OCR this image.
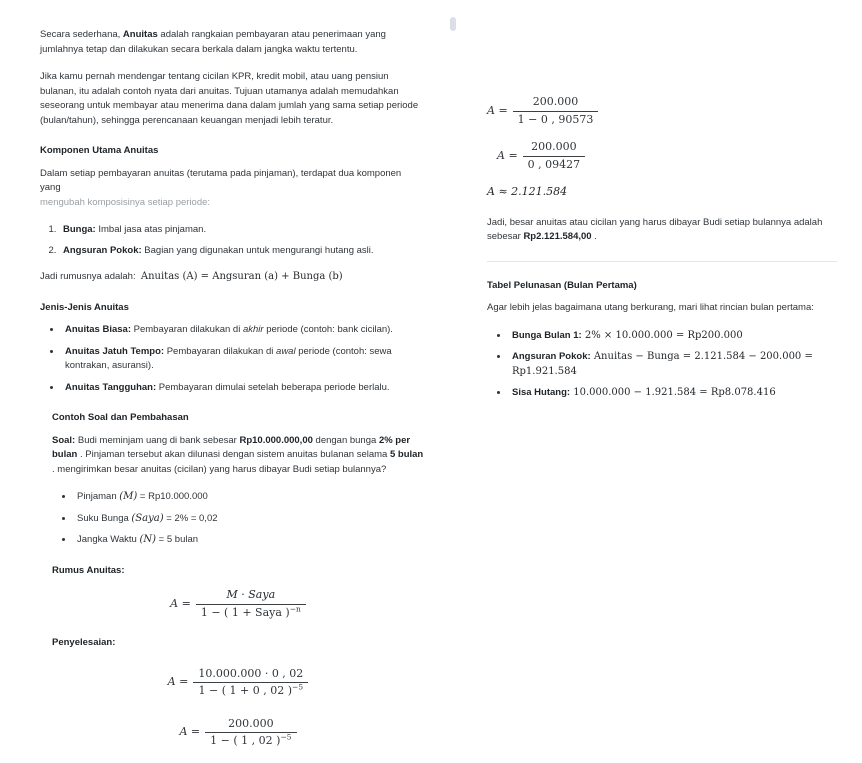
Secara sederhana, Anuitas adalah rangkaian pembayaran atau penerimaan yang jumlahnya tetap dan dilakukan secara berkala dalam jangka waktu tertentu.

Jika kamu pernah mendengar tentang cicilan KPR, kredit mobil, atau uang pensiun bulanan, itu adalah contoh nyata dari anuitas. Tujuan utamanya adalah memudahkan seseorang untuk membayar atau menerima dana dalam jumlah yang sama setiap periode (bulan/tahun), sehingga perencanaan keuangan menjadi lebih teratur.

Komponen Utama Anuitas

Dalam setiap pembayaran anuitas (terutama pada pinjaman), terdapat dua komponen yang
mengubah komposisinya setiap periode:

1. Bunga: Imbal jasa atas pinjaman.
2. Angsuran Pokok: Bagian yang digunakan untuk mengurangi hutang asli.

Jadi rumusnya adalah: Anuitas (A) = Angsuran (a) + Bunga (b)

Jenis-Jenis Anuitas
• Anuitas Biasa: Pembayaran dilakukan di akhir periode (contoh: bank cicilan).
• Anuitas Jatuh Tempo: Pembayaran dilakukan di awal periode (contoh: sewa kontrakan, asuransi).
• Anuitas Tangguhan: Pembayaran dimulai setelah beberapa periode berlalu.
Contoh Soal dan Pembahasan

Soal: Budi meminjam uang di bank sebesar Rp10.000.000,00 dengan bunga 2% per bulan . Pinjaman tersebut akan dilunasi dengan sistem anuitas bulanan selama 5 bulan . mengirimkan besar anuitas (cicilan) yang harus dibayar Budi setiap bulannya?

• Pinjaman (M) = Rp10.000.000
• Suku Bunga (Saya) = 2% = 0,02
• Jangka Waktu (N) = 5 bulan
Rumus Anuitas:
$A = \frac{\text{M · Saya}}{1 - ( 1 + Saya )^{-n}}$
Penyelesaian:
$A = \frac{10.000.000 \cdot 0 , 02}{1 - ( 1 + 0 , 02 )^{-5}}$
$A = \frac{200.000}{1 - ( 1 , 02 )^{-5}}$
$A = \frac{200.000}{1 - 0 , 90573}$
$A = \frac{200.000}{0 , 09427}$
A ≈ 2.121.584

Jadi, besar anuitas atau cicilan yang harus dibayar Budi setiap bulannya adalah sebesar Rp2.121.584,00 .

Tabel Pelunasan (Bulan Pertama)

Agar lebih jelas bagaimana utang berkurang, mari lihat rincian bulan pertama:

• Bunga Bulan 1: 2% × 10.000.000 = Rp200.000
• Angsuran Pokok: Anuitas − Bunga = 2.121.584 − 200.000 = Rp1.921.584
• Sisa Hutang: 10.000.000 − 1.921.584 = Rp8.078.416
